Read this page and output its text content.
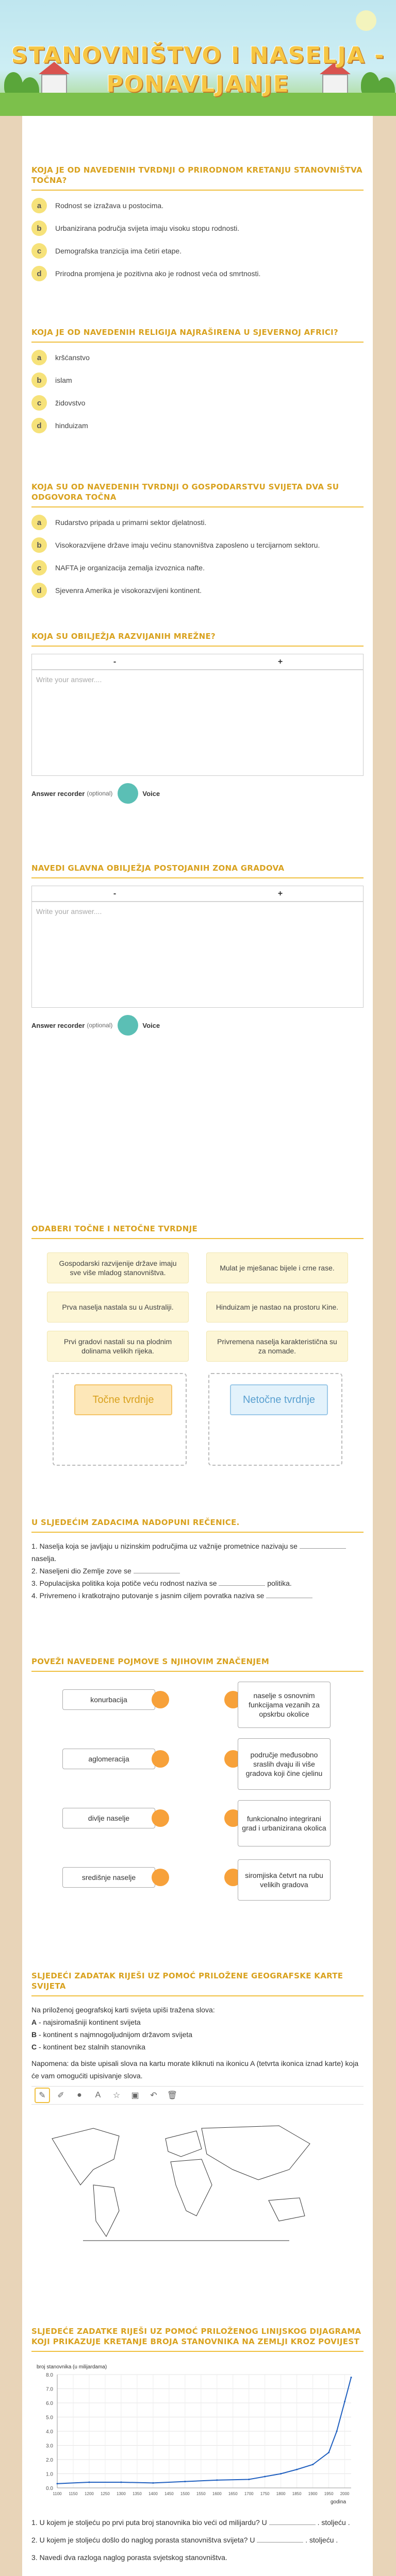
STANOVNIŠTVO I NASELJA - PONAVLJANJE
KOJA JE OD NAVEDENIH TVRDNJI O PRIRODNOM KRETANJU STANOVNIŠTVA TOČNA?
a	Rodnost se izražava u postocima.
b	Urbanizirana područja svijeta imaju visoku stopu rodnosti.
c	Demografska tranzicija ima četiri etape.
d	Prirodna promjena je pozitivna ako je rodnost veća od smrtnosti.
KOJA JE OD NAVEDENIH RELIGIJA NAJRAŠIRENA U SJEVERNOJ AFRICI?
a	kršćanstvo
b	islam
c	židovstvo
d	hinduizam
KOJA SU OD NAVEDENIH TVRDNJI O GOSPODARSTVU SVIJETA DVA SU ODGOVORA TOČNA
a	Rudarstvo pripada u primarni sektor djelatnosti.
b	Visokorazvijene države imaju većinu stanovništva zaposleno u tercijarnom sektoru.
c	NAFTA je organizacija zemalja izvoznica nafte.
d	Sjevenra Amerika je visokorazvijeni kontinent.
KOJA SU OBILJEŽJA RAZVIJANIH MREŽNE?
-	+
Write your answer....
Answer recorder (optional)	Voice
NAVEDI GLAVNA OBILJEŽJA POSTOJANIH ZONA GRADOVA
-	+
Write your answer....
Answer recorder (optional)	Voice
ODABERI TOČNE I NETOČNE TVRDNJE
Gospodarski razvijenije države imaju sve više mladog stanovništva.
Mulat je mješanac bijele i crne rase.
Prva naselja nastala su u Australiji.	Hinduizam je nastao na prostoru Kine.
Prvi gradovi nastali su na plodnim dolinama velikih rijeka.
Privremena naselja karakteristična su za nomade.
Točne tvrdnje	Netočne tvrdnje
U SLJEDEĆIM ZADACIMA NADOPUNI REČENICE.
1. Naselja koja se javljaju u nizinskim područjima uz važnije prometnice nazivaju se  naselja.
2. Naseljeni dio Zemlje zove se
3. Populacijska politika koja potiče veću rodnost naziva se	politika.
4. Privremeno i kratkotrajno putovanje s jasnim ciljem povratka naziva se
POVEŽI NAVEDENE POJMOVE S NJIHOVIM ZNAČENJEM
konurbacija	naselje s osnovnim funkcijama vezanih za opskrbu okolice
aglomeracija	područje međusobno sraslih dvaju ili više gradova koji čine cjelinu
divlje naselje	funkcionalno integrirani grad i urbanizirana okolica
središnje naselje	siromjiska četvrt na rubu velikih gradova
SLJEDEĆI ZADATAK RIJEŠI UZ POMOĆ PRILOŽENE GEOGRAFSKE KARTE SVIJETA
Na priloženoj geografskoj karti svijeta upiši tražena slova:
A - najsiromašniji kontinent svijeta
B - kontinent s najmnogoljudnijom državom svijeta
C - kontinent bez stalnih stanovnika
Napomena: da biste upisali slova na kartu morate kliknuti na ikonicu A (tetvrta ikonica iznad karte) koja će vam omogućiti upisivanje slova.
✎	✐	●	A	☆	▣	↶	🗑
SLJEDEĆE ZADATKE RIJEŠI UZ POMOĆ PRILOŽENOG LINIJSKOG DIJAGRAMA KOJI PRIKAZUJE KRETANJE BROJA STANOVNIKA NA ZEMLJI KROZ POVIJEST
0.0
1.0
2.0
3.0
4.0
5.0
6.0
7.0
8.0
1100 1150 1200 1250 1300 1350 1400 1450 1500 1550 1600 1650 1700 1750 1800 1850 1900 1950 2000
broj stanovnika (u milijardama)
godina
1. U kojem je stoljeću po prvi puta broj stanovnika bio veći od milijardu? U	. stoljeću .
2. U kojem je stoljeću došlo do naglog porasta stanovništva svijeta? U	. stoljeću .
3. Navedi dva razloga naglog porasta svjetskog stanovništva.
